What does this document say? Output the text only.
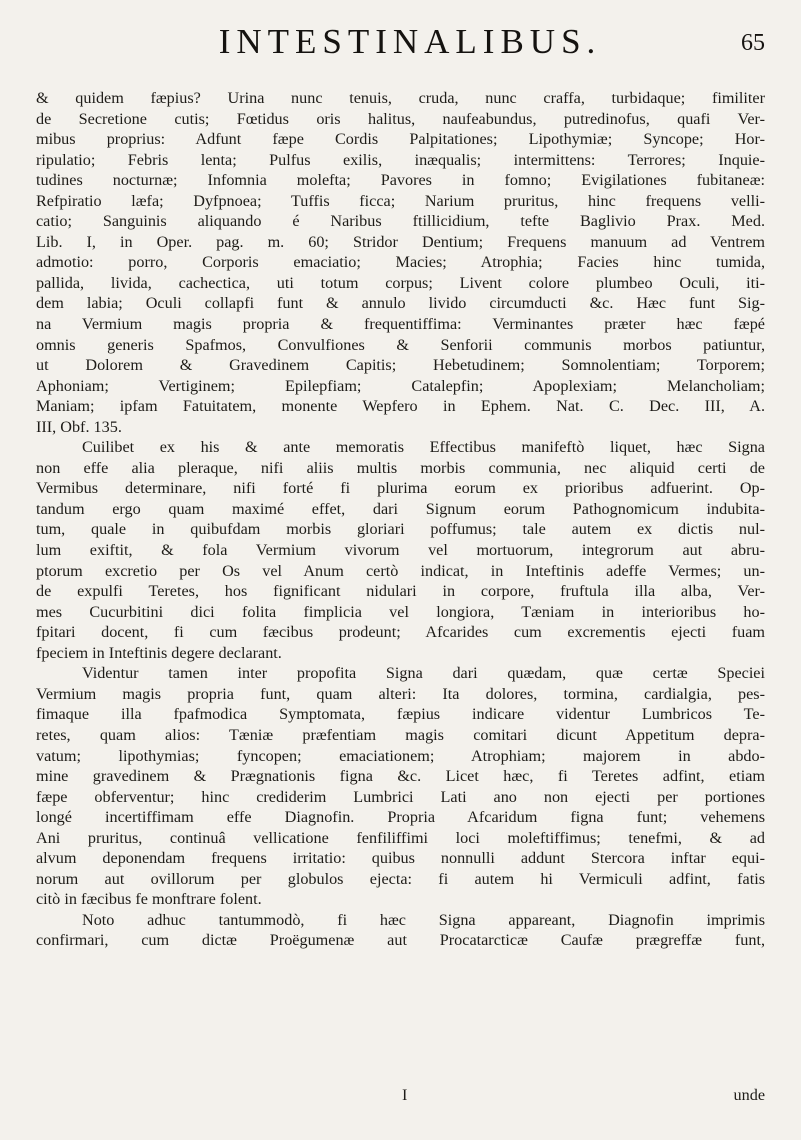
INTESTINALIBUS.	65
& quidem fæpius? Urina nunc tenuis, cruda, nunc craffa, turbidaque; fimiliter
de Secretione cutis; Fœtidus oris halitus, naufeabundus, putredinofus, quafi Ver-
mibus proprius: Adfunt fæpe Cordis Palpitationes; Lipothymiæ; Syncope; Hor-
ripulatio; Febris lenta; Pulfus exilis, inæqualis; intermittens: Terrores; Inquie-
tudines nocturnæ; Infomnia molefta; Pavores in fomno; Evigilationes fubitaneæ:
Refpiratio læfa; Dyfpnoea; Tuffis ficca; Narium pruritus, hinc frequens velli-
catio; Sanguinis aliquando é Naribus ftillicidium, tefte Baglivio Prax. Med.
Lib. I, in Oper. pag. m. 60; Stridor Dentium; Frequens manuum ad Ventrem
admotio: porro, Corporis emaciatio; Macies; Atrophia; Facies hinc tumida,
pallida, livida, cachectica, uti totum corpus; Livent colore plumbeo Oculi, iti-
dem labia; Oculi collapfi funt & annulo livido circumducti &c. Hæc funt Sig-
na Vermium magis propria & frequentiffima: Verminantes præter hæc fæpé
omnis generis Spafmos, Convulfiones & Senforii communis morbos patiuntur,
ut Dolorem & Gravedinem Capitis; Hebetudinem; Somnolentiam; Torporem;
Aphoniam; Vertiginem; Epilepfiam; Catalepfin; Apoplexiam; Melancholiam;
Maniam; ipfam Fatuitatem, monente Wepfero in Ephem. Nat. C. Dec. III, A.
III, Obf. 135.
Cuilibet ex his & ante memoratis Effectibus manifeftò liquet, hæc Signa
non effe alia pleraque, nifi aliis multis morbis communia, nec aliquid certi de
Vermibus determinare, nifi forté fi plurima eorum ex prioribus adfuerint. Op-
tandum ergo quam maximé effet, dari Signum eorum Pathognomicum indubita-
tum, quale in quibufdam morbis gloriari poffumus; tale autem ex dictis nul-
lum exiftit, & fola Vermium vivorum vel mortuorum, integrorum aut abru-
ptorum excretio per Os vel Anum certò indicat, in Inteftinis adeffe Vermes; un-
de expulfi Teretes, hos fignificant nidulari in corpore, fruftula illa alba, Ver-
mes Cucurbitini dici folita fimplicia vel longiora, Tæniam in interioribus ho-
fpitari docent, fi cum fæcibus prodeunt; Afcarides cum excrementis ejecti fuam
fpeciem in Inteftinis degere declarant.
Videntur tamen inter propofita Signa dari quædam, quæ certæ Speciei
Vermium magis propria funt, quam alteri: Ita dolores, tormina, cardialgia, pes-
fimaque illa fpafmodica Symptomata, fæpius indicare videntur Lumbricos Te-
retes, quam alios: Tæniæ præfentiam magis comitari dicunt Appetitum depra-
vatum; lipothymias; fyncopen; emaciationem; Atrophiam; majorem in abdo-
mine gravedinem & Prægnationis figna &c. Licet hæc, fi Teretes adfint, etiam
fæpe obferventur; hinc crediderim Lumbrici Lati ano non ejecti per portiones
longé incertiffimam effe Diagnofin. Propria Afcaridum figna funt; vehemens
Ani pruritus, continuâ vellicatione fenfiliffimi loci moleftiffimus; tenefmi, & ad
alvum deponendam frequens irritatio: quibus nonnulli addunt Stercora inftar equi-
norum aut ovillorum per globulos ejecta: fi autem hi Vermiculi adfint, fatis
citò in fæcibus fe monftrare folent.
Noto adhuc tantummodò, fi hæc Signa appareant, Diagnofin imprimis
confirmari, cum dictæ Proëgumenæ aut Procatarcticæ Caufæ prægreffæ funt,
I	unde
